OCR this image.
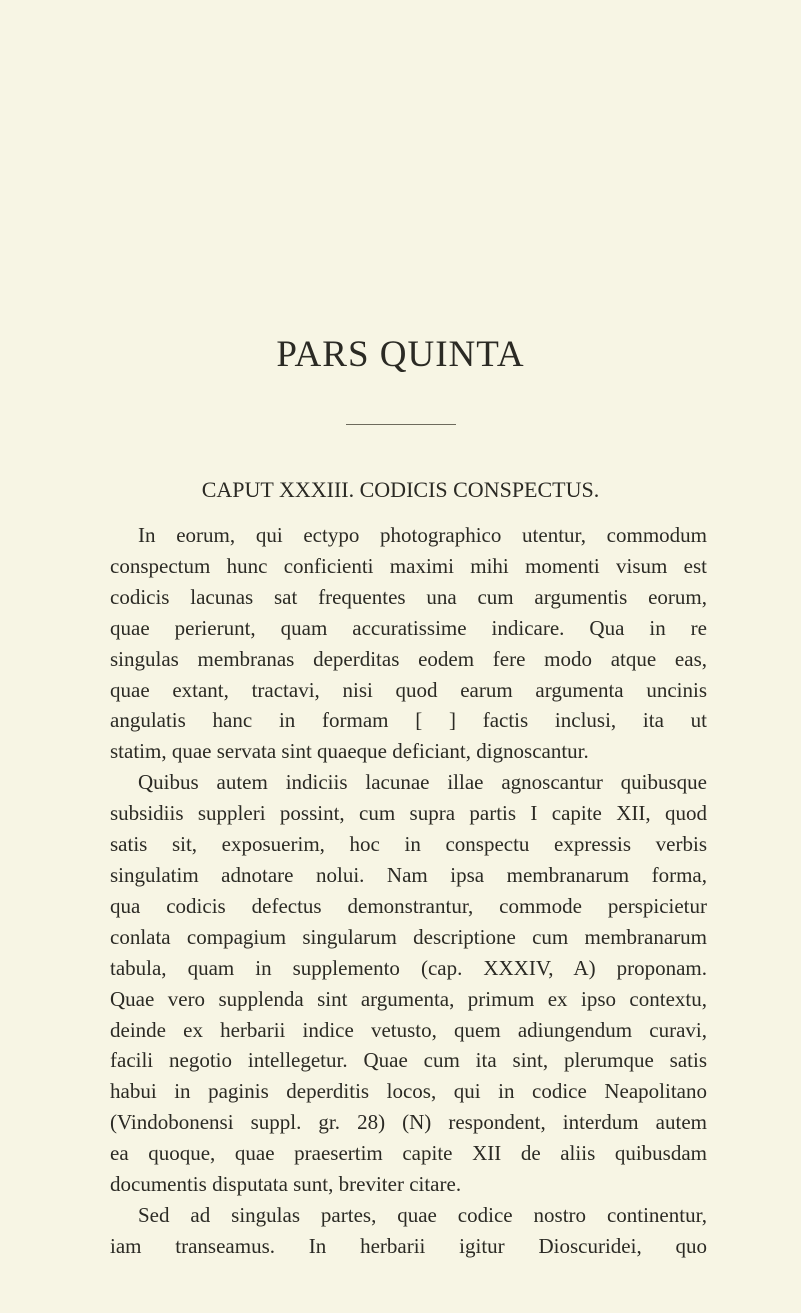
PARS QUINTA
CAPUT XXXIII. CODICIS CONSPECTUS.
In eorum, qui ectypo photographico utentur, commodum
conspectum hunc conficienti maximi mihi momenti visum est
codicis lacunas sat frequentes una cum argumentis eorum,
quae perierunt, quam accuratissime indicare. Qua in re
singulas membranas deperditas eodem fere modo atque eas,
quae extant, tractavi, nisi quod earum argumenta uncinis
angulatis hanc in formam [ ] factis inclusi, ita ut
statim, quae servata sint quaeque deficiant, dignoscantur.
Quibus autem indiciis lacunae illae agnoscantur quibusque
subsidiis suppleri possint, cum supra partis I capite XII, quod
satis sit, exposuerim, hoc in conspectu expressis verbis
singulatim adnotare nolui. Nam ipsa membranarum forma,
qua codicis defectus demonstrantur, commode perspicietur
conlata compagium singularum descriptione cum membranarum
tabula, quam in supplemento (cap. XXXIV, A) proponam.
Quae vero supplenda sint argumenta, primum ex ipso contextu,
deinde ex herbarii indice vetusto, quem adiungendum curavi,
facili negotio intellegetur. Quae cum ita sint, plerumque satis
habui in paginis deperditis locos, qui in codice Neapolitano
(Vindobonensi suppl. gr. 28) (N) respondent, interdum autem
ea quoque, quae praesertim capite XII de aliis quibusdam
documentis disputata sunt, breviter citare.
Sed ad singulas partes, quae codice nostro continentur,
iam transeamus. In herbarii igitur Dioscuridei, quo
